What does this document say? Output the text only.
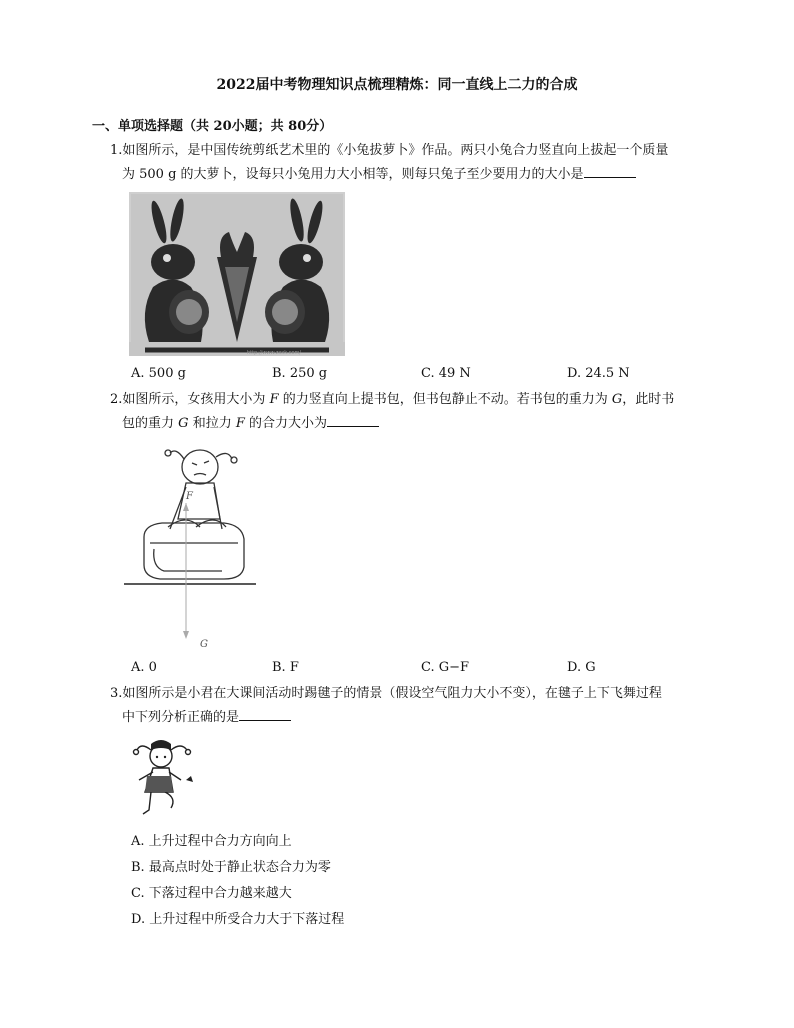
2022届中考物理知识点梳理精炼：同一直线上二力的合成
一、单项选择题（共 20小题；共 80分）
1.如图所示，是中国传统剪纸艺术里的《小兔拔萝卜》作品。两只小兔合力竖直向上拔起一个质量
为 500 g 的大萝卜，设每只小兔用力大小相等，则每只兔子至少要用力的大小是
http://www.zxxk.com/
A. 500 g	B. 250 g	C. 49 N	D. 24.5 N
2.如图所示，女孩用大小为 F 的力竖直向上提书包，但书包静止不动。若书包的重力为 G，此时书
包的重力 G 和拉力 F 的合力大小为
F
G
A. 0	B. F	C. G−F	D. G
3.如图所示是小君在大课间活动时踢毽子的情景（假设空气阻力大小不变），在毽子上下飞舞过程
中下列分析正确的是
A. 上升过程中合力方向向上
B. 最高点时处于静止状态合力为零
C. 下落过程中合力越来越大
D. 上升过程中所受合力大于下落过程
